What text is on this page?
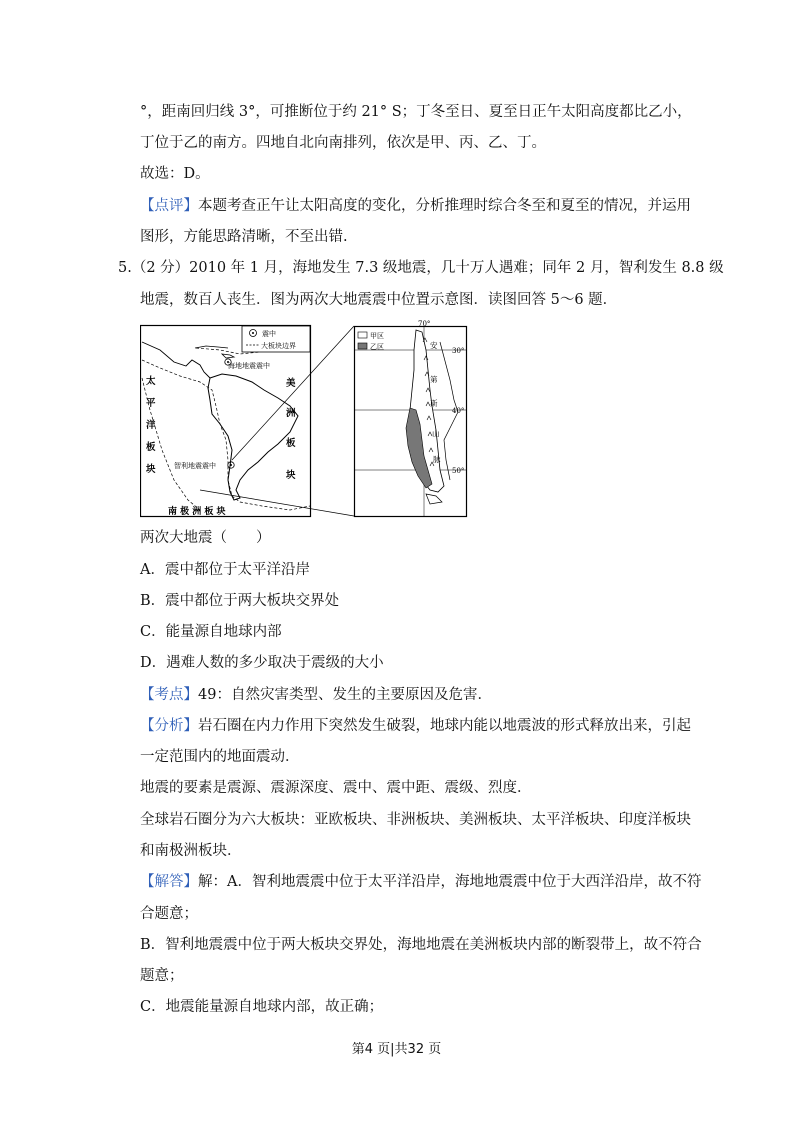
°，距南回归线 3°，可推断位于约 21° S；丁冬至日、夏至日正午太阳高度都比乙小，
丁位于乙的南方。四地自北向南排列，依次是甲、丙、乙、丁。
故选：D。
【点评】本题考查正午让太阳高度的变化，分析推理时综合冬至和夏至的情况，并运用
图形，方能思路清晰，不至出错.
5.（2 分）2010 年 1 月，海地发生 7.3 级地震，几十万人遇难；同年 2 月，智利发生 8.8 级
地震，数百人丧生．图为两次大地震震中位置示意图．读图回答 5～6 题．
震中
大板块边界
海地地震震中
智利地震震中
美
洲
板
块
太
平
洋
板
块
南 极 洲 板 块
70°
30°
40°
50°
甲区
乙区	安
第
斯
山
脉
两次大地震（　　）
A．震中都位于太平洋沿岸
B．震中都位于两大板块交界处
C．能量源自地球内部
D．遇难人数的多少取决于震级的大小
【考点】49：自然灾害类型、发生的主要原因及危害．
【分析】岩石圈在内力作用下突然发生破裂，地球内能以地震波的形式释放出来，引起
一定范围内的地面震动．
地震的要素是震源、震源深度、震中、震中距、震级、烈度．
全球岩石圈分为六大板块：亚欧板块、非洲板块、美洲板块、太平洋板块、印度洋板块
和南极洲板块．
【解答】解：A．智利地震震中位于太平洋沿岸，海地地震震中位于大西洋沿岸，故不符
合题意；
B．智利地震震中位于两大板块交界处，海地地震在美洲板块内部的断裂带上，故不符合
题意；
C．地震能量源自地球内部，故正确；
第4 页|共32 页
